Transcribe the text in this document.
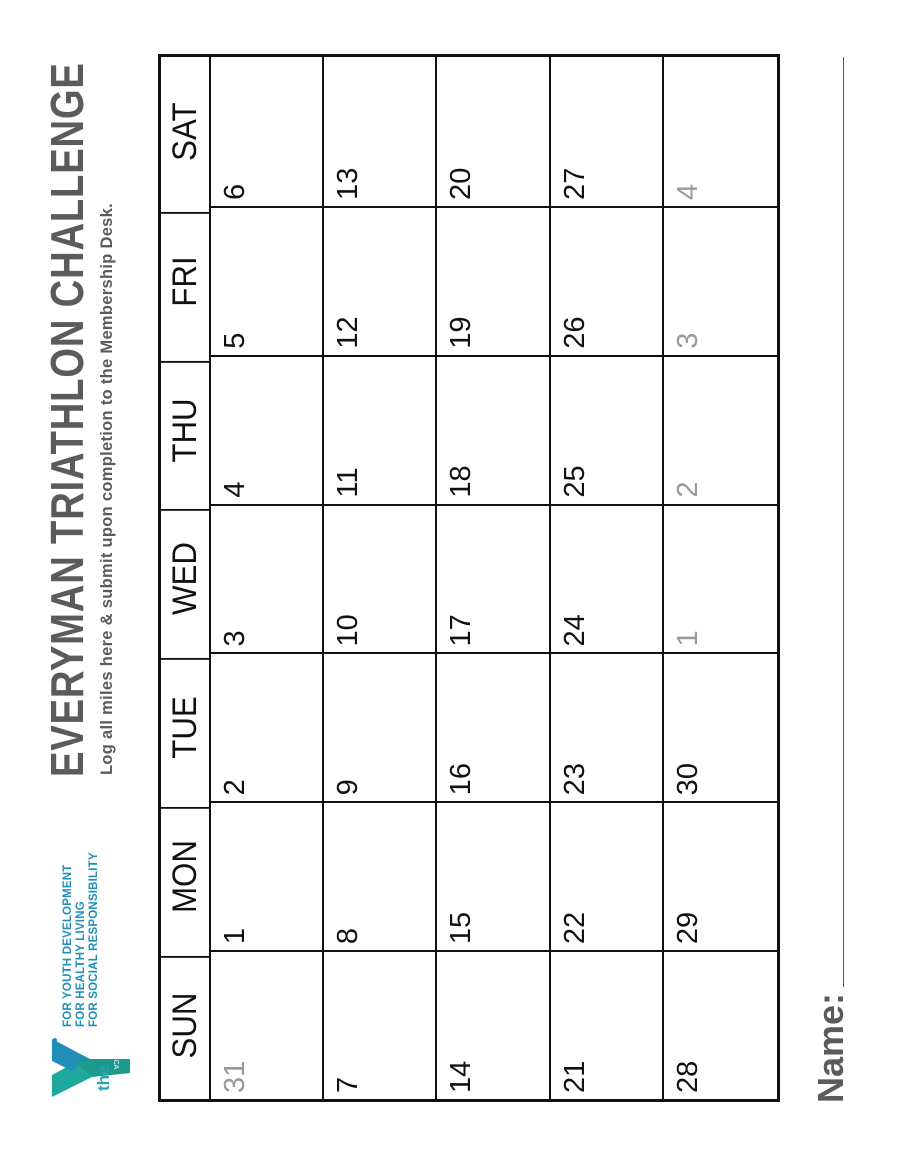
YMCA
the
FOR YOUTH DEVELOPMENT FOR HEALTHY LIVING FOR SOCIAL RESPONSIBILITY
EVERYMAN TRIATHLON CHALLENGE Log all miles here & submit upon completion to the Membership Desk.
SUN
MON
TUE
WED
THU
FRI
SAT
31
1
2
3
4
5
6
7
8
9
10
11
12
13
14
15
16
17
18
19
20
21
22
23
24
25
26
27
28
29
30
1
2
3
4
Name:
